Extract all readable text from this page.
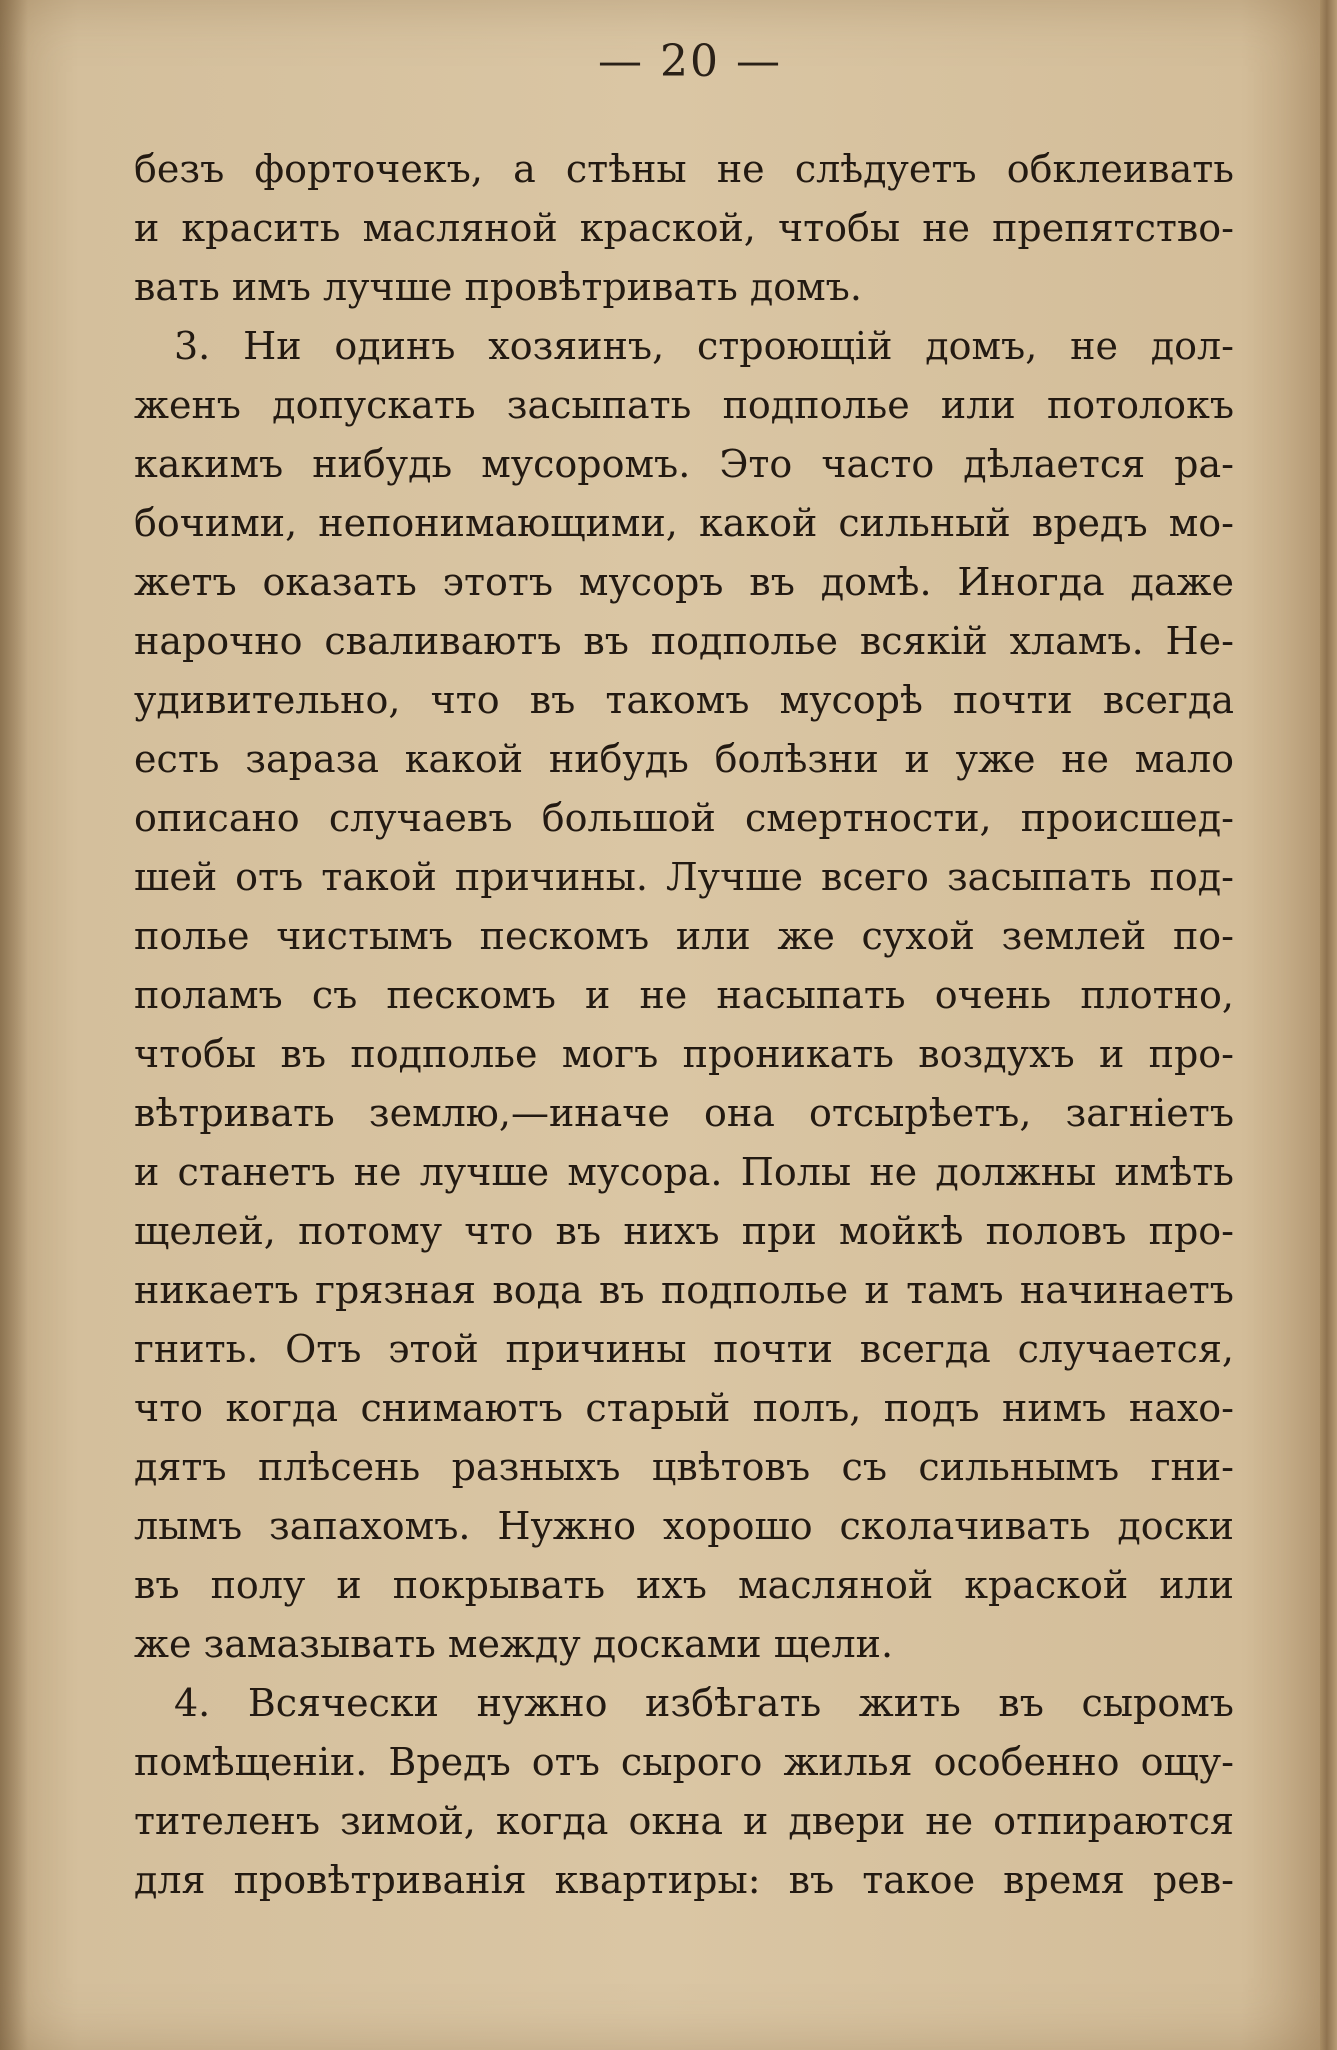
— 20 —
безъ форточекъ, а стѣны не слѣдуетъ обклеивать
и красить масляной краской, чтобы не препятство-
вать имъ лучше провѣтривать домъ.
3. Ни одинъ хозяинъ, строющій домъ, не дол-
женъ допускать засыпать подполье или потолокъ
какимъ нибудь мусоромъ. Это часто дѣлается ра-
бочими, непонимающими, какой сильный вредъ мо-
жетъ оказать этотъ мусоръ въ домѣ. Иногда даже
нарочно сваливаютъ въ подполье всякій хламъ. Не-
удивительно, что въ такомъ мусорѣ почти всегда
есть зараза какой нибудь болѣзни и уже не мало
описано случаевъ большой смертности, происшед-
шей отъ такой причины. Лучше всего засыпать под-
полье чистымъ пескомъ или же сухой землей по-
поламъ съ пескомъ и не насыпать очень плотно,
чтобы въ подполье могъ проникать воздухъ и про-
вѣтривать землю,—иначе она отсырѣетъ, загніетъ
и станетъ не лучше мусора. Полы не должны имѣть
щелей, потому что въ нихъ при мойкѣ половъ про-
никаетъ грязная вода въ подполье и тамъ начинаетъ
гнить. Отъ этой причины почти всегда случается,
что когда снимаютъ старый полъ, подъ нимъ нахо-
дятъ плѣсень разныхъ цвѣтовъ съ сильнымъ гни-
лымъ запахомъ. Нужно хорошо сколачивать доски
въ полу и покрывать ихъ масляной краской или
же замазывать между досками щели.
4. Всячески нужно избѣгать жить въ сыромъ
помѣщеніи. Вредъ отъ сырого жилья особенно ощу-
тителенъ зимой, когда окна и двери не отпираются
для провѣтриванія квартиры: въ такое время рев-
